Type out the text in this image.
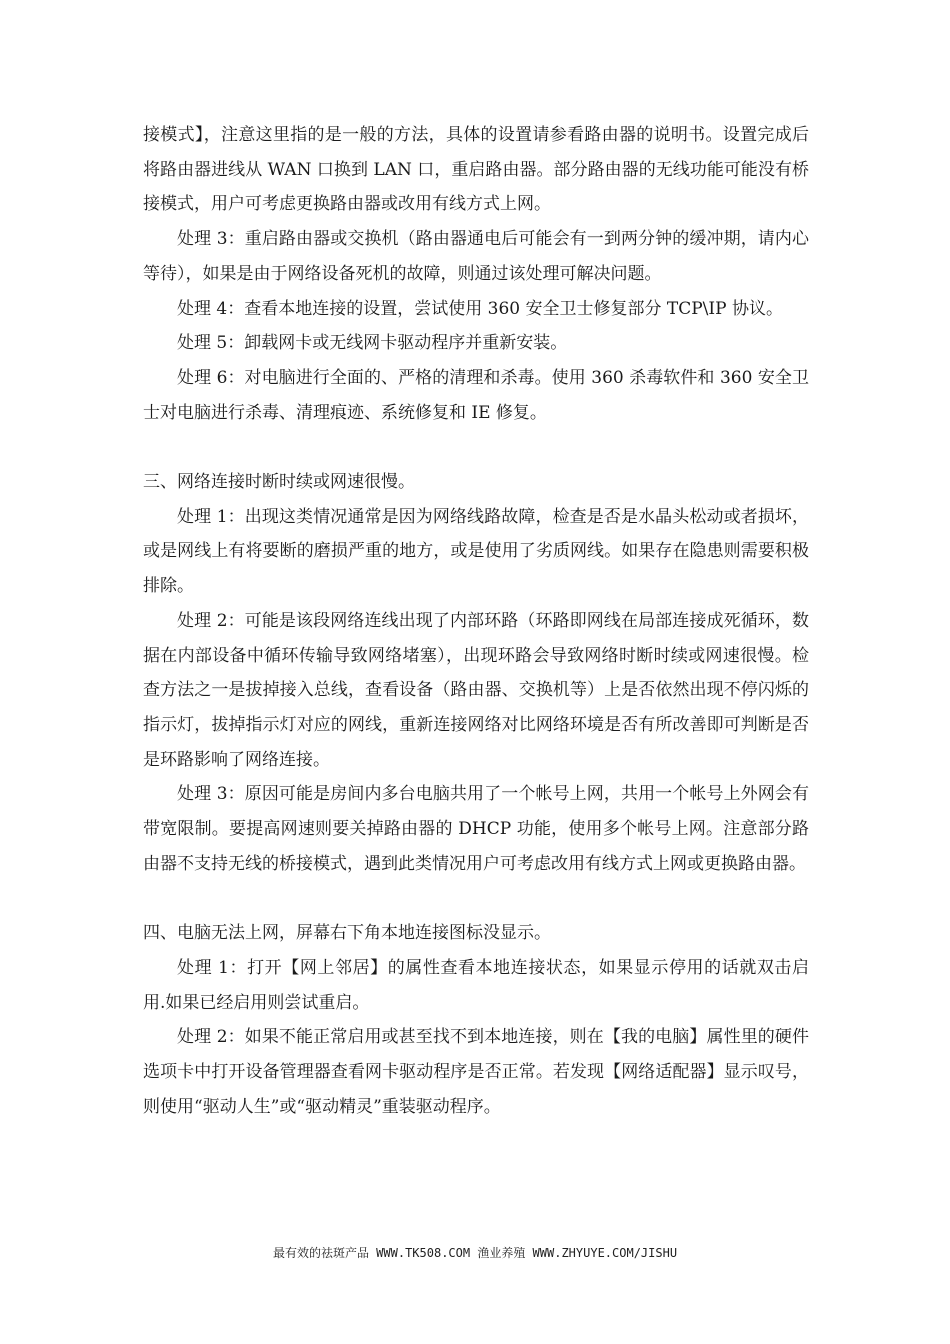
接模式】，注意这里指的是一般的方法，具体的设置请参看路由器的说明书。设置完成后将路由器进线从 WAN 口换到 LAN 口，重启路由器。部分路由器的无线功能可能没有桥接模式，用户可考虑更换路由器或改用有线方式上网。

处理 3：重启路由器或交换机（路由器通电后可能会有一到两分钟的缓冲期，请内心等待），如果是由于网络设备死机的故障，则通过该处理可解决问题。

处理 4：查看本地连接的设置，尝试使用 360 安全卫士修复部分 TCP\IP 协议。

处理 5：卸载网卡或无线网卡驱动程序并重新安装。

处理 6：对电脑进行全面的、严格的清理和杀毒。使用 360 杀毒软件和 360 安全卫士对电脑进行杀毒、清理痕迹、系统修复和 IE 修复。

三、网络连接时断时续或网速很慢。

处理 1：出现这类情况通常是因为网络线路故障，检查是否是水晶头松动或者损坏，或是网线上有将要断的磨损严重的地方，或是使用了劣质网线。如果存在隐患则需要积极排除。

处理 2：可能是该段网络连线出现了内部环路（环路即网线在局部连接成死循环，数据在内部设备中循环传输导致网络堵塞），出现环路会导致网络时断时续或网速很慢。检查方法之一是拔掉接入总线，查看设备（路由器、交换机等）上是否依然出现不停闪烁的指示灯，拔掉指示灯对应的网线，重新连接网络对比网络环境是否有所改善即可判断是否是环路影响了网络连接。

处理 3：原因可能是房间内多台电脑共用了一个帐号上网，共用一个帐号上外网会有带宽限制。要提高网速则要关掉路由器的 DHCP 功能，使用多个帐号上网。注意部分路由器不支持无线的桥接模式，遇到此类情况用户可考虑改用有线方式上网或更换路由器。

四、电脑无法上网，屏幕右下角本地连接图标没显示。

处理 1：打开【网上邻居】的属性查看本地连接状态，如果显示停用的话就双击启用.如果已经启用则尝试重启。

处理 2：如果不能正常启用或甚至找不到本地连接，则在【我的电脑】属性里的硬件选项卡中打开设备管理器查看网卡驱动程序是否正常。若发现【网络适配器】显示叹号，则使用“驱动人生”或“驱动精灵”重装驱动程序。

最有效的祛斑产品 WWW.TK508.COM 渔业养殖 WWW.ZHYUYE.COM/JISHU
